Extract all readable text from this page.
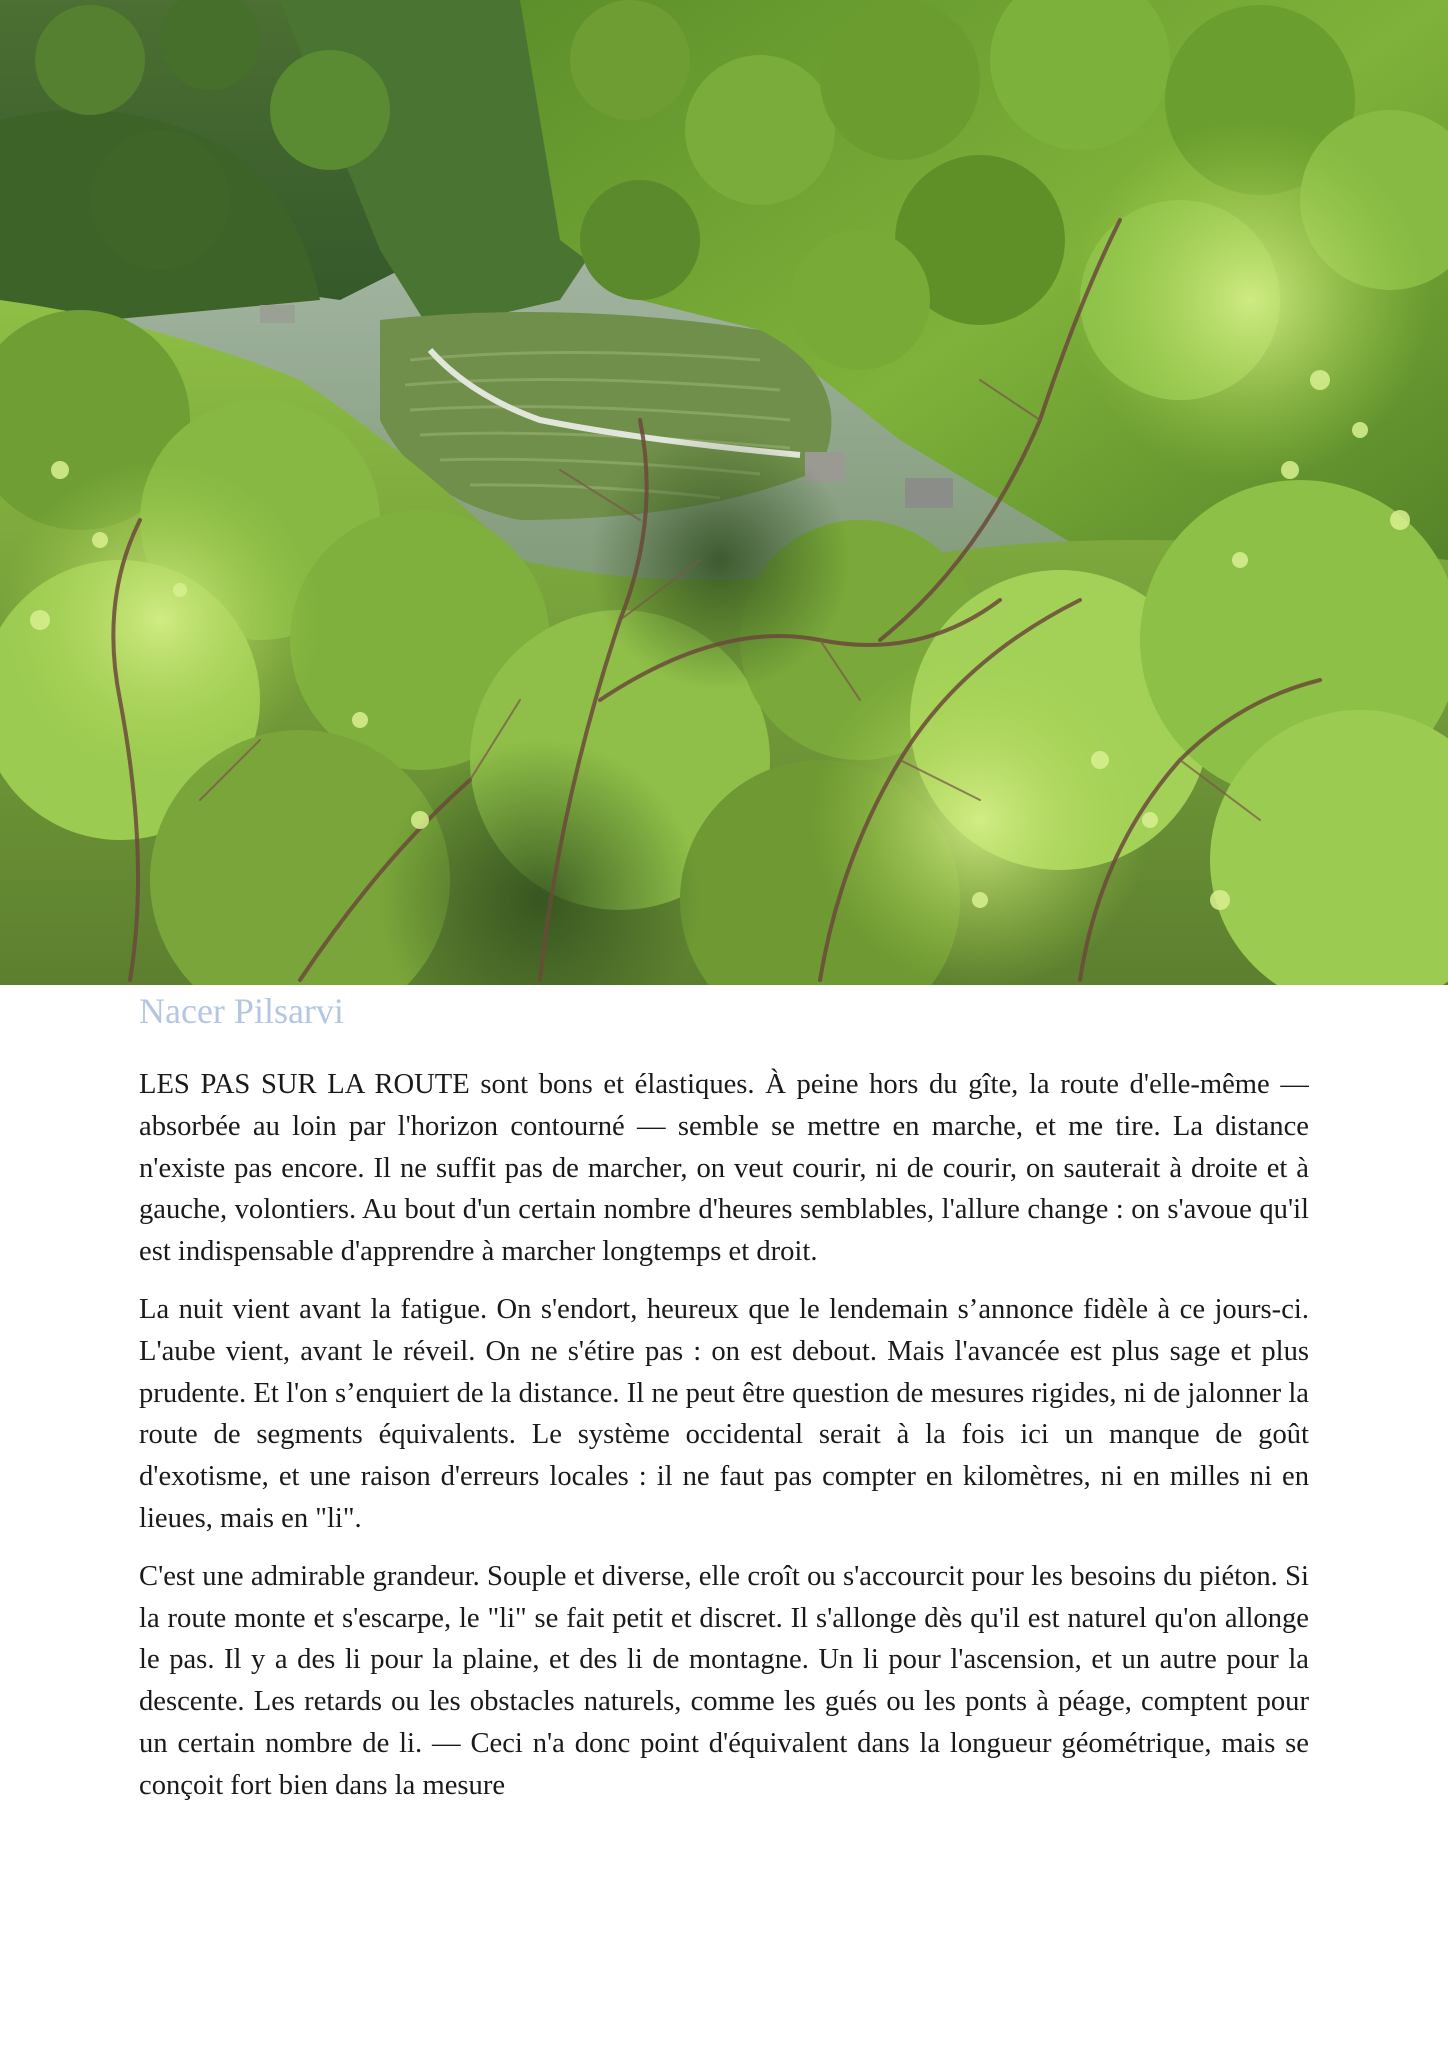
Nacer Pilsarvi

LES PAS SUR LA ROUTE sont bons et élastiques. À peine hors du gîte, la route d'elle-même — absorbée au loin par l'horizon contourné — semble se mettre en marche, et me tire. La distance n'existe pas encore. Il ne suffit pas de marcher, on veut courir, ni de courir, on sauterait à droite et à gauche, volontiers. Au bout d'un certain nombre d'heures semblables, l'allure change : on s'avoue qu'il est indispensable d'apprendre à marcher longtemps et droit.

La nuit vient avant la fatigue. On s'endort, heureux que le lendemain s’annonce fidèle à ce jours-ci. L'aube vient, avant le réveil. On ne s'étire pas : on est debout. Mais l'avancée est plus sage et plus prudente. Et l'on s’enquiert de la distance. Il ne peut être question de mesures rigides, ni de jalonner la route de segments équivalents. Le système occidental serait à la fois ici un manque de goût d'exotisme, et une raison d'erreurs locales : il ne faut pas compter en kilomètres, ni en milles ni en lieues, mais en "li".

C'est une admirable grandeur. Souple et diverse, elle croît ou s'accourcit pour les besoins du piéton. Si la route monte et s'escarpe, le "li" se fait petit et discret. Il s'allonge dès qu'il est naturel qu'on allonge le pas. Il y a des li pour la plaine, et des li de montagne. Un li pour l'ascension, et un autre pour la descente. Les retards ou les obstacles naturels, comme les gués ou les ponts à péage, comptent pour un certain nombre de li. — Ceci n'a donc point d'équivalent dans la longueur géométrique, mais se conçoit fort bien dans la mesure
